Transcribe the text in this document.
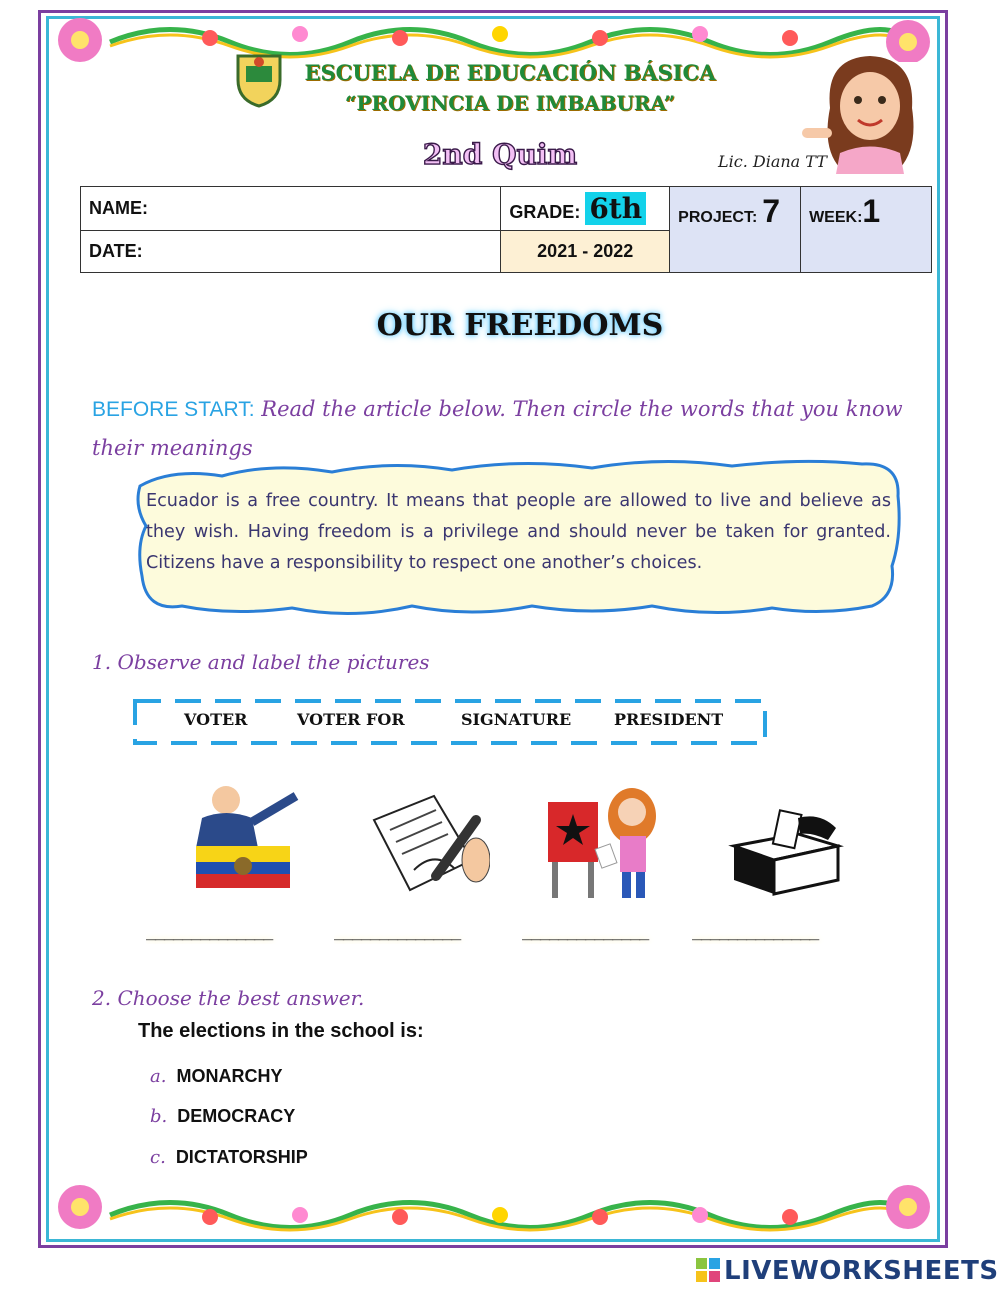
ESCUELA DE EDUCACIÓN BÁSICA
“PROVINCIA DE IMBABURA”
2nd Quim	Lic. Diana TT
NAME:	GRADE: 6th	PROJECT: 7	WEEK:1
DATE:	2021 - 2022		
OUR FREEDOMS
BEFORE START: Read the article below. Then circle the words that you know their meanings
Ecuador is a free country. It means that people are allowed to live and believe as they wish. Having freedom is a privilege and should never be taken for granted. Citizens have a responsibility to respect one another’s choices.
1. Observe and label the pictures
VOTER	VOTER FOR	SIGNATURE	PRESIDENT
______________	______________	______________	______________
2. Choose the best answer.
The elections in the school is:
a. MONARCHY
b. DEMOCRACY
c. DICTATORSHIP
LIVEWORKSHEETS
